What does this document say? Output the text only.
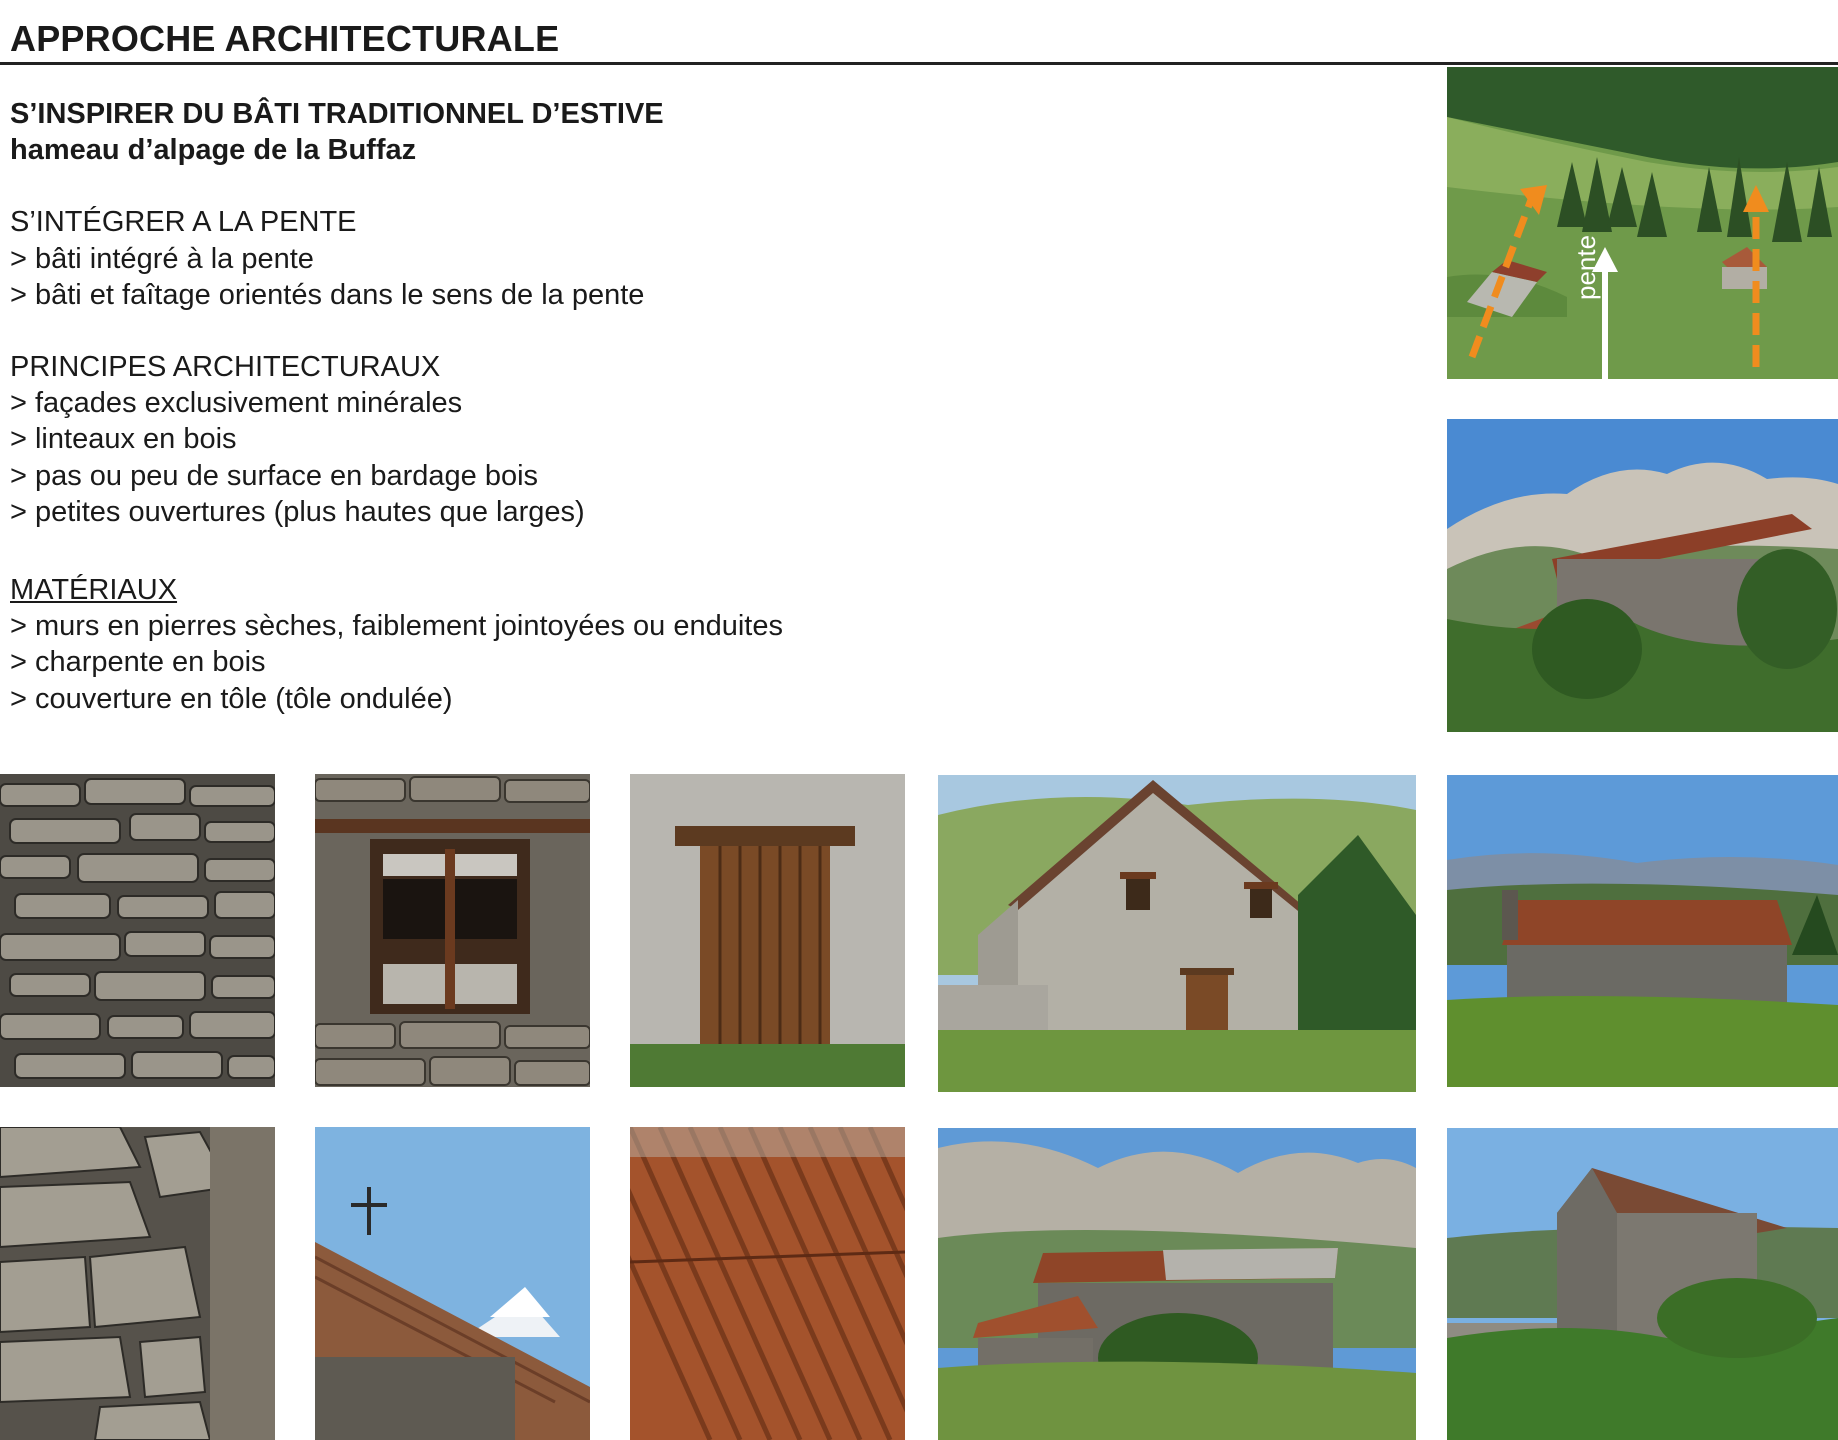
APPROCHE ARCHITECTURALE

S’INSPIRER DU BÂTI TRADITIONNEL D’ESTIVE

hameau d’alpage de la Buffaz

S’INTÉGRER A LA PENTE

> bâti intégré à la pente

> bâti et faîtage orientés dans le sens de la pente

PRINCIPES ARCHITECTURAUX

> façades exclusivement minérales

> linteaux en bois

> pas ou peu de surface en bardage bois

> petites ouvertures (plus hautes que larges)

MATÉRIAUX

> murs en pierres sèches, faiblement jointoyées ou enduites

> charpente en bois

> couverture en tôle (tôle ondulée)

pente
